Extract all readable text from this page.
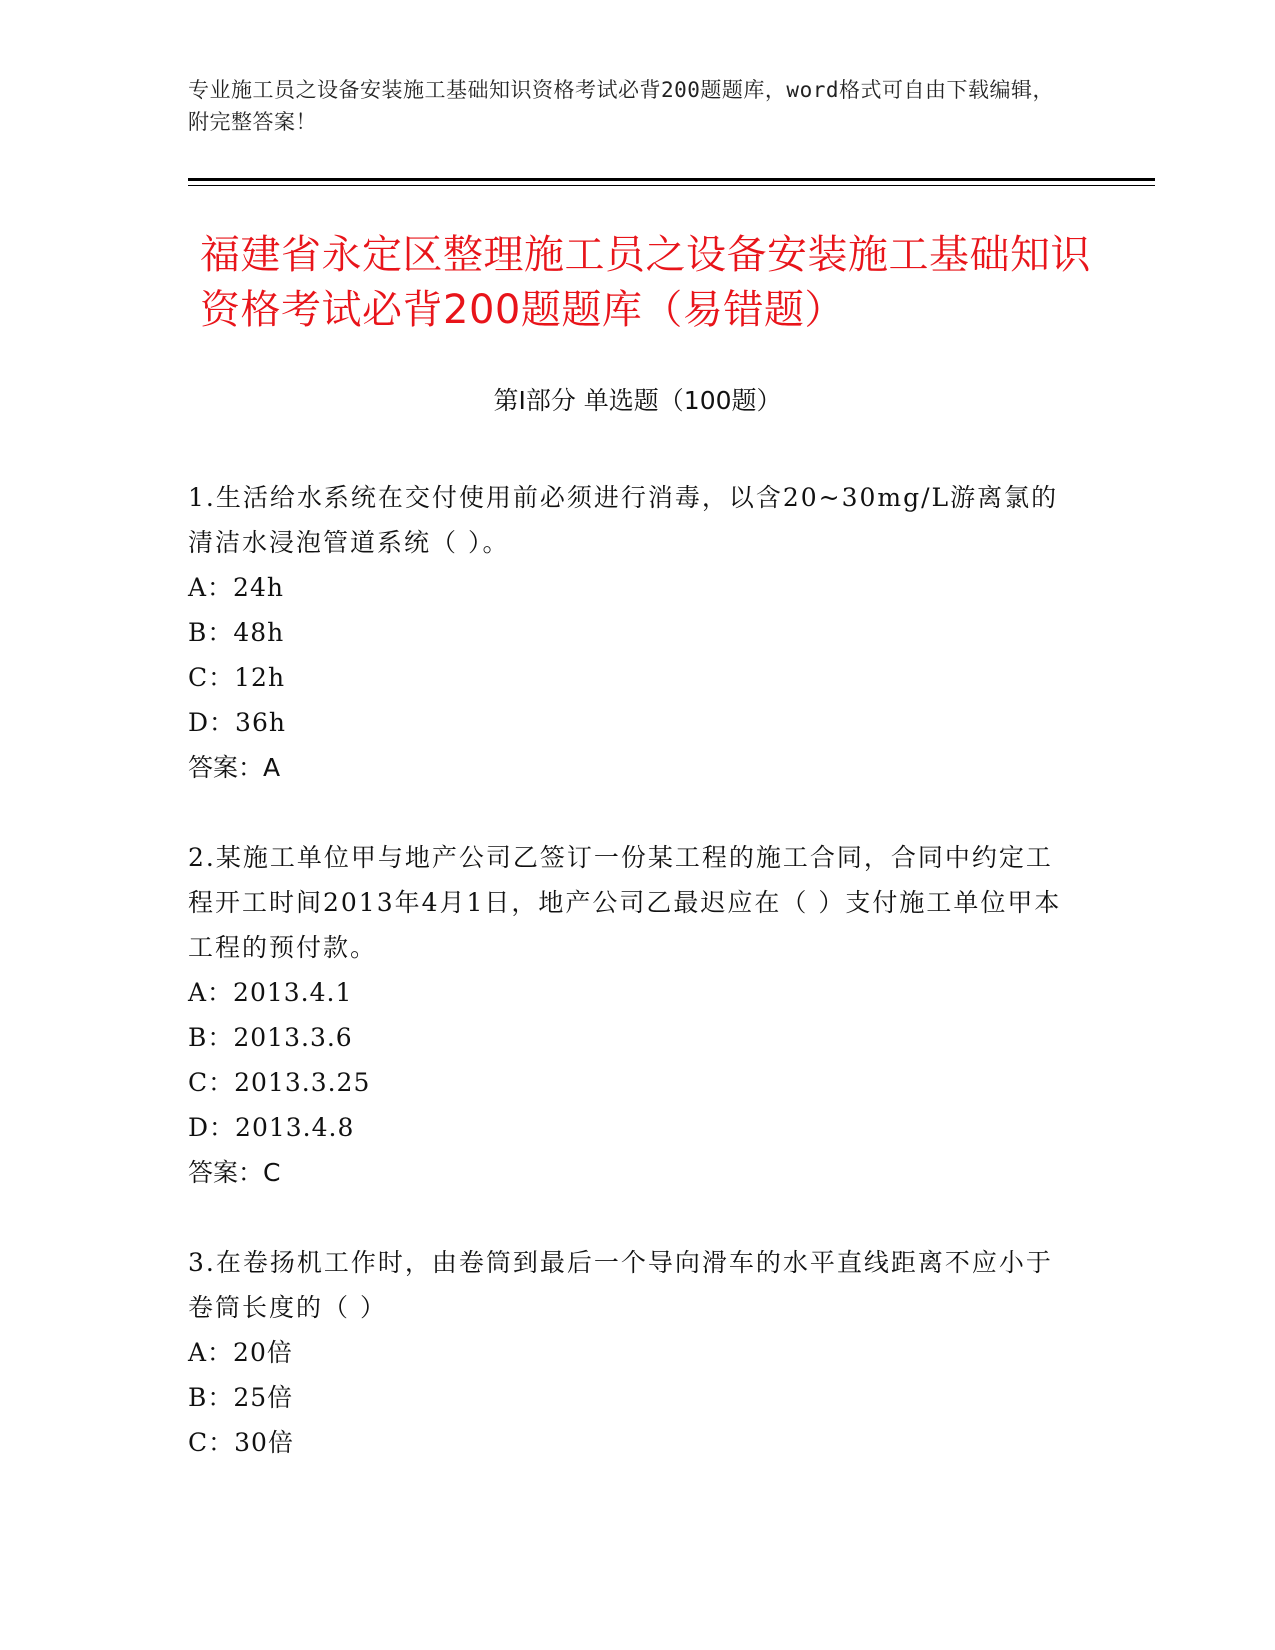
专业施工员之设备安装施工基础知识资格考试必背200题题库，word格式可自由下载编辑，附完整答案！
福建省永定区整理施工员之设备安装施工基础知识资格考试必背200题题库（易错题）
第Ⅰ部分 单选题（100题）
1.生活给水系统在交付使用前必须进行消毒，以含20~30mg/L游离氯的清洁水浸泡管道系统（ ）。
A：24h
B：48h
C：12h
D：36h
答案：A
2.某施工单位甲与地产公司乙签订一份某工程的施工合同，合同中约定工程开工时间2013年4月1日，地产公司乙最迟应在（ ）支付施工单位甲本工程的预付款。
A：2013.4.1
B：2013.3.6
C：2013.3.25
D：2013.4.8
答案：C
3.在卷扬机工作时，由卷筒到最后一个导向滑车的水平直线距离不应小于卷筒长度的（ ）
A：20倍
B：25倍
C：30倍
